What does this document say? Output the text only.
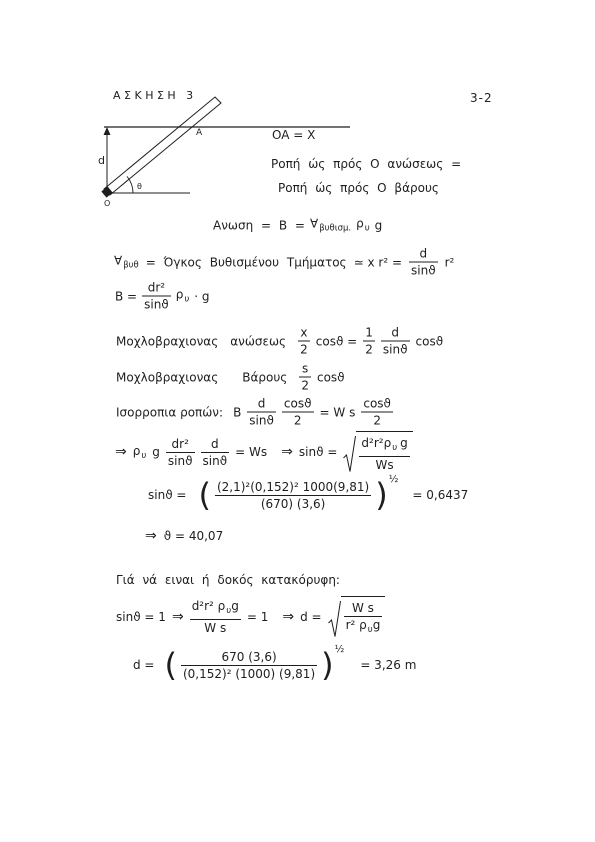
ΑΣΚΗΣΗ 3	3-2
A
d
θ
O
OA = X
Ροπή ώς πρός Ο ανώσεως =
Ροπή ώς πρός Ο βάρους
$A\nu\omega\sigma\eta = B = \forall_{\beta\upsilon\theta\iota\sigma\mu.}$ $\rho_\upsilon$ g
$\forall_{\beta\upsilon\theta} = Ό\gamma\kappa o\varsigma$ Βυθισμένου Τμήματος ≃ x $r^2 = \frac{d}{\sin ϑ} r^2$
$B = \frac{\text{dr²}}{\sin ϑ} \rho_\upsilon \cdot g$
Μοχλοβραχιονας ανώσεως $\frac{x}{2}$ $\cos ϑ = \frac{1}{2} \frac{d}{\sin ϑ}$ cosϑ
Μοχλοβραχιονας Βάρους $\frac{s}{2}$ cosϑ
Ισορροπια ροπών: B $\frac{d}{\sin ϑ} \frac{\cos ϑ}{2} = W$ s $\frac{\cos ϑ}{2}$
⇒ $\rho_\upsilon$ g $\frac{\text{dr²}}{\sin ϑ} \frac{d}{\sin ϑ} = Ws$ ⇒ $\sin ϑ = \frac{d^2r^2\rho_\upsilon g}{Ws}$
sinϑ = ( $\frac{\text{(2,1)²(0,152)² 1000(9,81)}}{(670) (3,6)}$ ) ½
= 0,6437
⇒ ϑ = 40,07
Γιά νά ειναι ή δοκός κατακόρυφη:
sinϑ = 1 ⇒ $\frac{d^2r^2 \rho_\upsilon g}{\text{W s}} = 1$ ⇒ $d = \frac{\text{W s}}{r^2 \rho_\upsilon g}$
d = ( $\frac{670 (3,6)}{\text{(0,152)² (1000) (9,81)}}$ ) ½
= 3,26 m
